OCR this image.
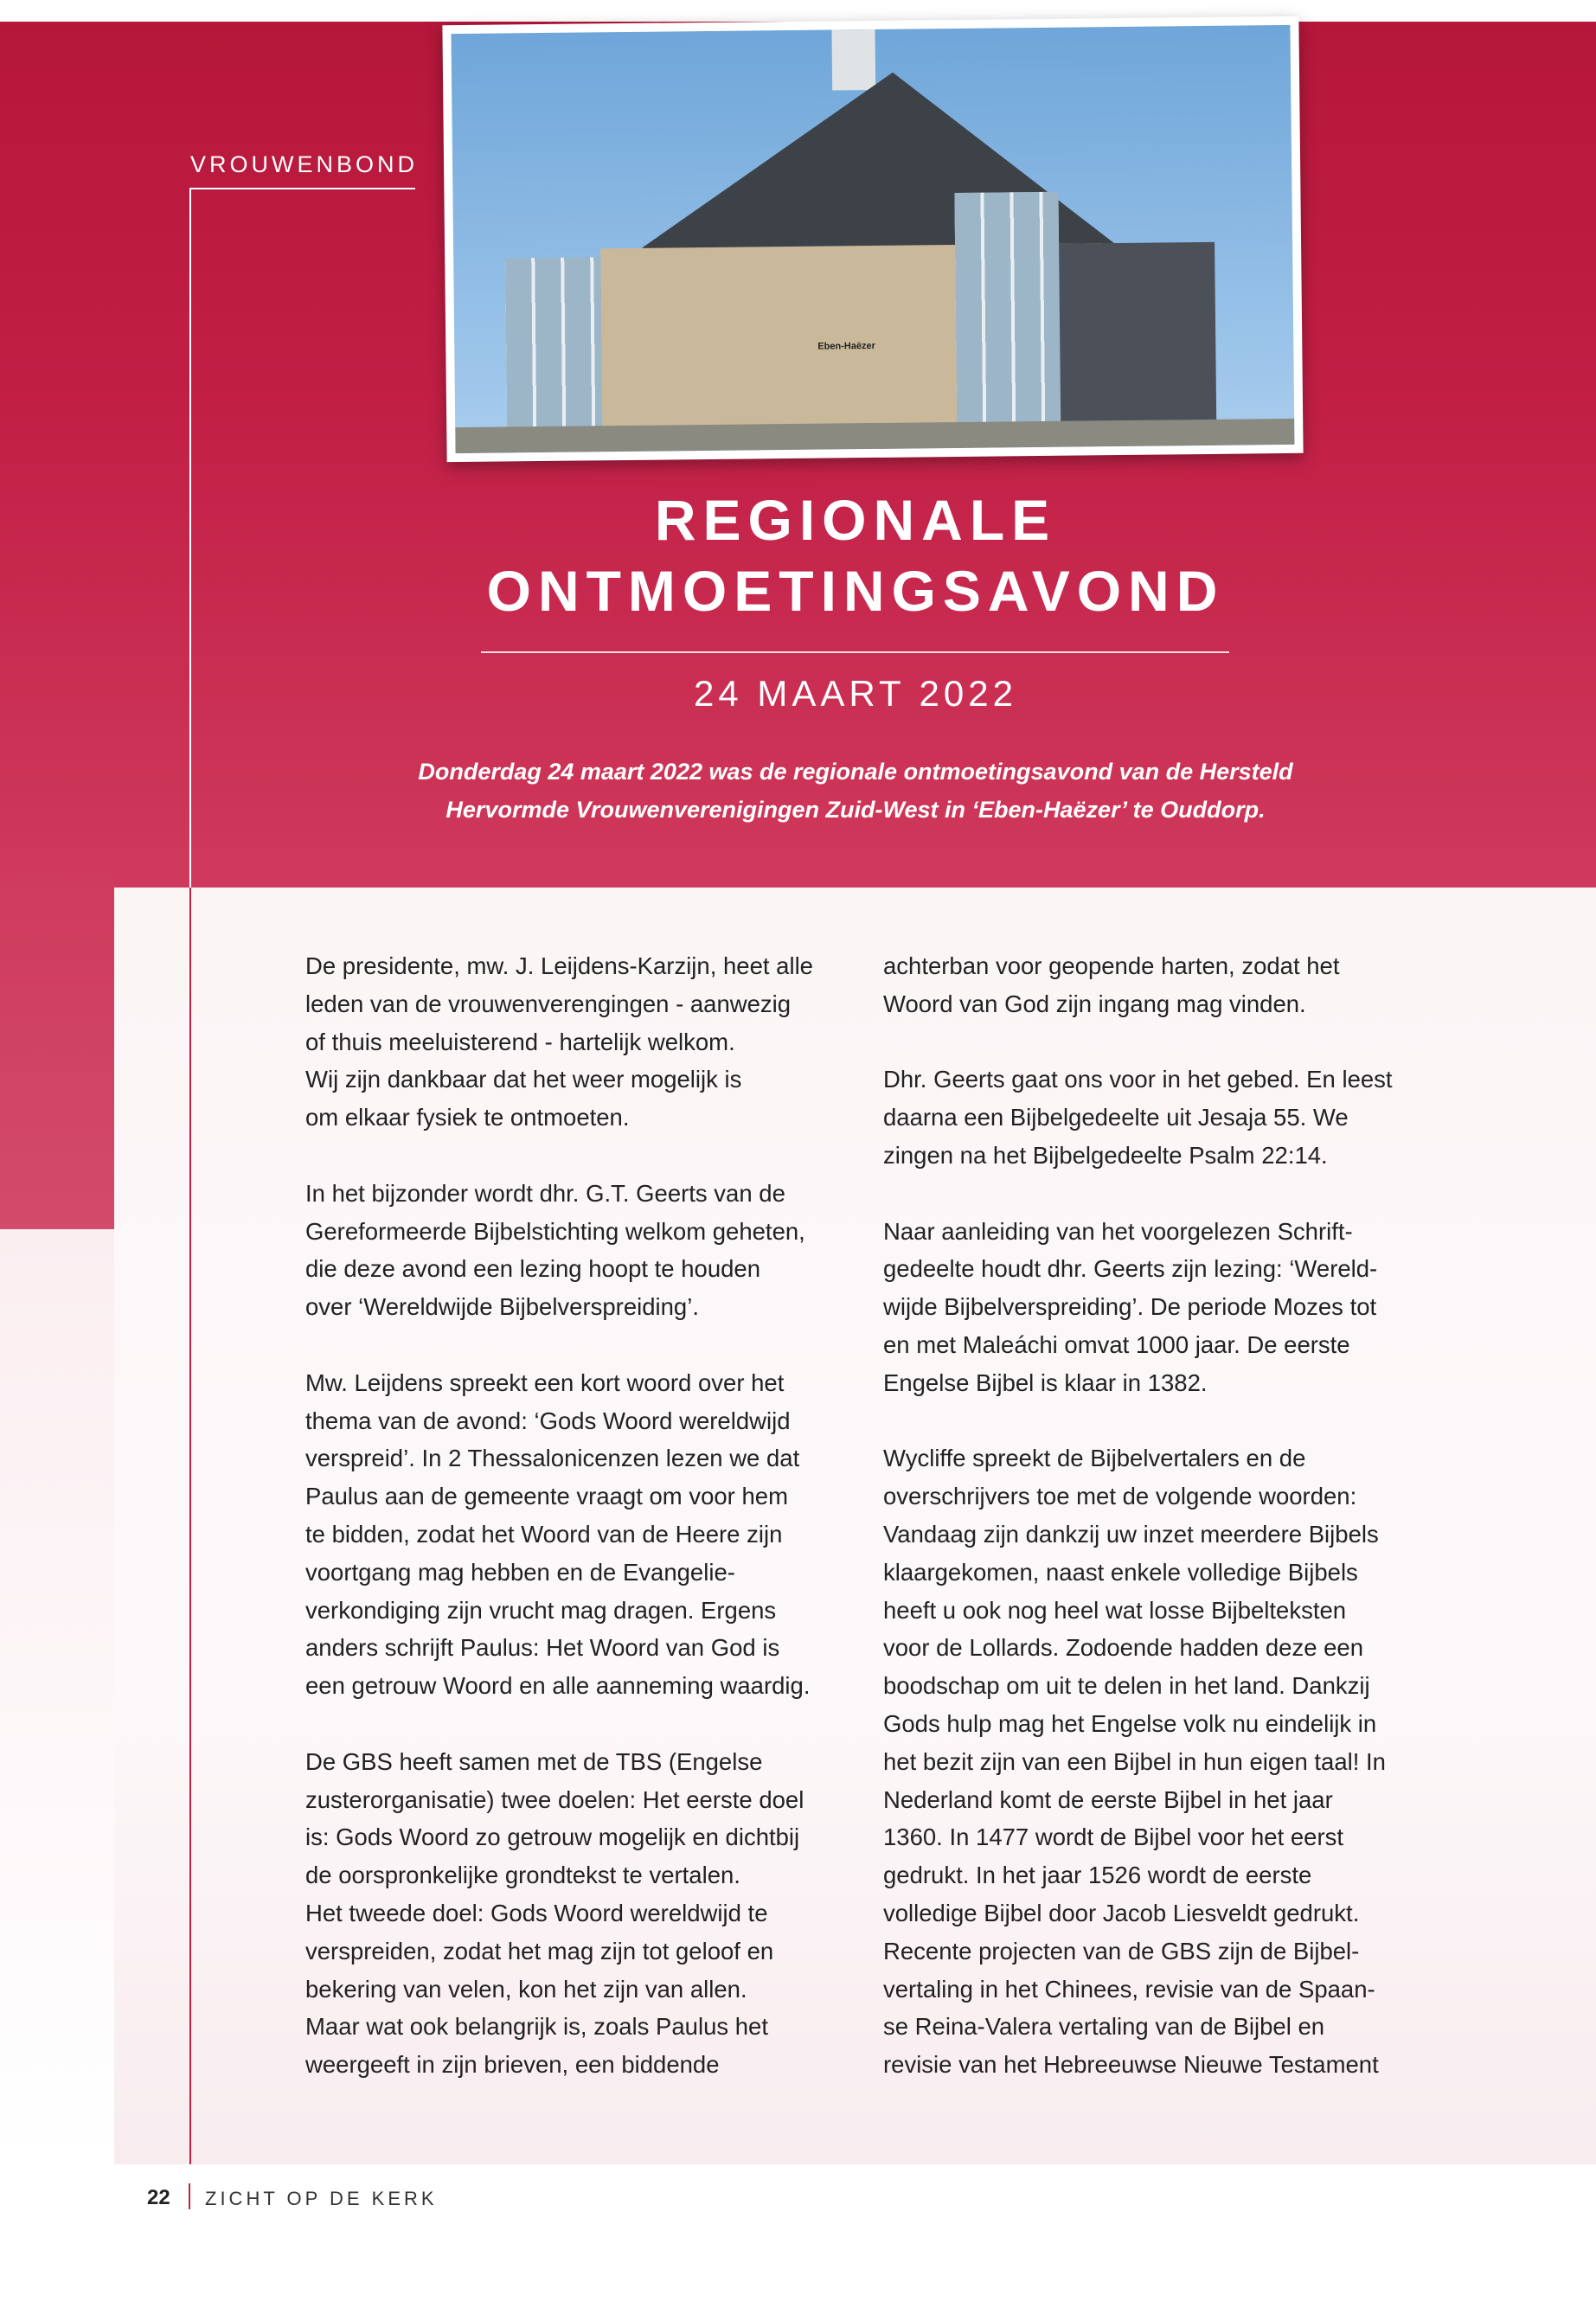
Eben-Haëzer
VROUWENBOND
REGIONALE
ONTMOETINGSAVOND
24 MAART 2022
Donderdag 24 maart 2022 was de regionale ontmoetingsavond van de Hersteld
Hervormde Vrouwenverenigingen Zuid-West in ‘Eben-Haëzer’ te Ouddorp.
De presidente, mw. J. Leijdens-Karzijn, heet alle
leden van de vrouwenverengingen - aanwezig
of thuis meeluisterend - hartelijk welkom.
Wij zijn dankbaar dat het weer mogelijk is
om elkaar fysiek te ontmoeten.
In het bijzonder wordt dhr. G.T. Geerts van de
Gereformeerde Bijbelstichting welkom geheten,
die deze avond een lezing hoopt te houden
over ‘Wereldwijde Bijbelverspreiding’.
Mw. Leijdens spreekt een kort woord over het
thema van de avond: ‘Gods Woord wereldwijd
verspreid’. In 2 Thessalonicenzen lezen we dat
Paulus aan de gemeente vraagt om voor hem
te bidden, zodat het Woord van de Heere zijn
voortgang mag hebben en de Evangelie-
verkondiging zijn vrucht mag dragen. Ergens
anders schrijft Paulus: Het Woord van God is
een getrouw Woord en alle aanneming waardig.
De GBS heeft samen met de TBS (Engelse
zusterorganisatie) twee doelen: Het eerste doel
is: Gods Woord zo getrouw mogelijk en dichtbij
de oorspronkelijke grondtekst te vertalen.
Het tweede doel: Gods Woord wereldwijd te
verspreiden, zodat het mag zijn tot geloof en
bekering van velen, kon het zijn van allen.
Maar wat ook belangrijk is, zoals Paulus het
weergeeft in zijn brieven, een biddende
achterban voor geopende harten, zodat het
Woord van God zijn ingang mag vinden.
Dhr. Geerts gaat ons voor in het gebed. En leest
daarna een Bijbelgedeelte uit Jesaja 55. We
zingen na het Bijbelgedeelte Psalm 22:14.
Naar aanleiding van het voorgelezen Schrift-
gedeelte houdt dhr. Geerts zijn lezing: ‘Wereld-
wijde Bijbelverspreiding’. De periode Mozes tot
en met Maleáchi omvat 1000 jaar. De eerste
Engelse Bijbel is klaar in 1382.
Wycliffe spreekt de Bijbelvertalers en de
overschrijvers toe met de volgende woorden:
Vandaag zijn dankzij uw inzet meerdere Bijbels
klaargekomen, naast enkele volledige Bijbels
heeft u ook nog heel wat losse Bijbelteksten
voor de Lollards. Zodoende hadden deze een
boodschap om uit te delen in het land. Dankzij
Gods hulp mag het Engelse volk nu eindelijk in
het bezit zijn van een Bijbel in hun eigen taal! In
Nederland komt de eerste Bijbel in het jaar
1360. In 1477 wordt de Bijbel voor het eerst
gedrukt. In het jaar 1526 wordt de eerste
volledige Bijbel door Jacob Liesveldt gedrukt.
Recente projecten van de GBS zijn de Bijbel-
vertaling in het Chinees, revisie van de Spaan-
se Reina-Valera vertaling van de Bijbel en
revisie van het Hebreeuwse Nieuwe Testament
22 ZICHT OP DE KERK
